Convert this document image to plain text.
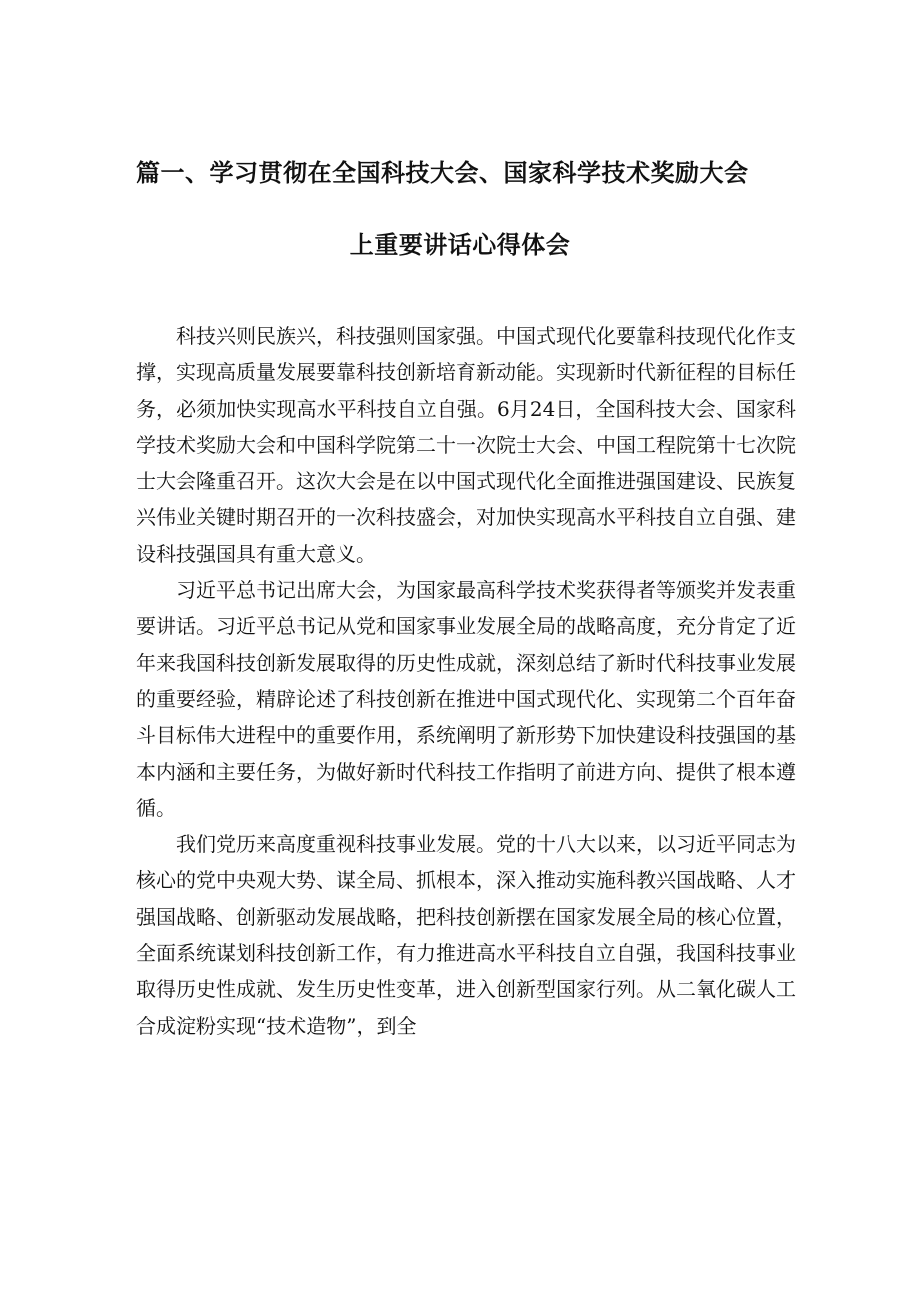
篇一、学习贯彻在全国科技大会、国家科学技术奖励大会
上重要讲话心得体会

科技兴则民族兴，科技强则国家强。中国式现代化要靠科技现代化作支撑，实现高质量发展要靠科技创新培育新动能。实现新时代新征程的目标任务，必须加快实现高水平科技自立自强。6月24日，全国科技大会、国家科学技术奖励大会和中国科学院第二十一次院士大会、中国工程院第十七次院士大会隆重召开。这次大会是在以中国式现代化全面推进强国建设、民族复兴伟业关键时期召开的一次科技盛会，对加快实现高水平科技自立自强、建设科技强国具有重大意义。

习近平总书记出席大会，为国家最高科学技术奖获得者等颁奖并发表重要讲话。习近平总书记从党和国家事业发展全局的战略高度，充分肯定了近年来我国科技创新发展取得的历史性成就，深刻总结了新时代科技事业发展的重要经验，精辟论述了科技创新在推进中国式现代化、实现第二个百年奋斗目标伟大进程中的重要作用，系统阐明了新形势下加快建设科技强国的基本内涵和主要任务，为做好新时代科技工作指明了前进方向、提供了根本遵循。

我们党历来高度重视科技事业发展。党的十八大以来，以习近平同志为核心的党中央观大势、谋全局、抓根本，深入推动实施科教兴国战略、人才强国战略、创新驱动发展战略，把科技创新摆在国家发展全局的核心位置，全面系统谋划科技创新工作，有力推进高水平科技自立自强，我国科技事业取得历史性成就、发生历史性变革，进入创新型国家行列。从二氧化碳人工合成淀粉实现“技术造物”，到全
